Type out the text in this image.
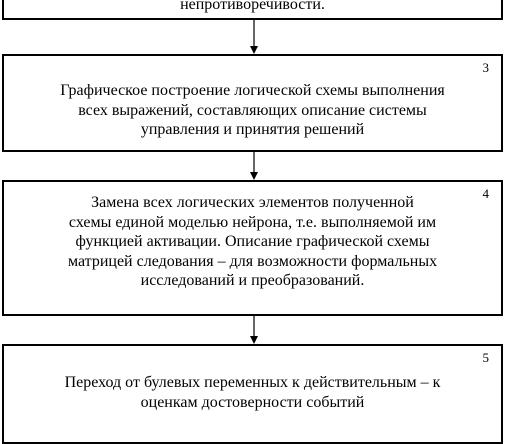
непротиворечивости.
3
Графическое построение логической схемы выполнения
всех выражений, составляющих описание системы
управления и принятия решений
4
Замена всех логических элементов полученной
схемы единой моделью нейрона, т.е. выполняемой им
функцией активации. Описание графической схемы
матрицей следования – для возможности формальных
исследований и преобразований.
5
Переход от булевых переменных к действительным – к
оценкам достоверности событий
